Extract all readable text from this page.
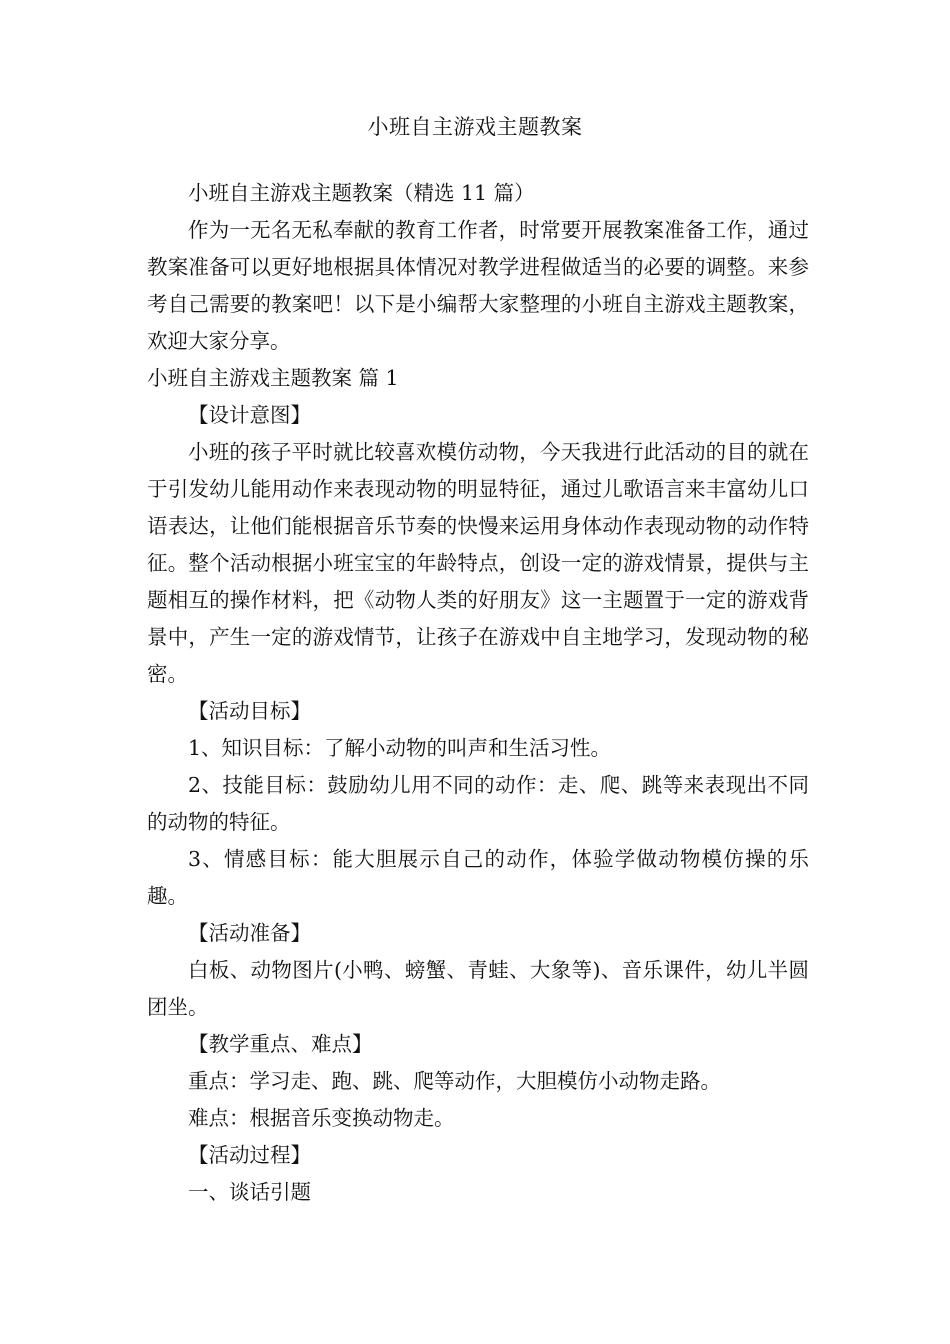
小班自主游戏主题教案

小班自主游戏主题教案（精选 11 篇）

作为一无名无私奉献的教育工作者，时常要开展教案准备工作，通过教案准备可以更好地根据具体情况对教学进程做适当的必要的调整。来参考自己需要的教案吧！以下是小编帮大家整理的小班自主游戏主题教案，欢迎大家分享。

小班自主游戏主题教案 篇 1

【设计意图】

小班的孩子平时就比较喜欢模仿动物，今天我进行此活动的目的就在于引发幼儿能用动作来表现动物的明显特征，通过儿歌语言来丰富幼儿口语表达，让他们能根据音乐节奏的快慢来运用身体动作表现动物的动作特征。整个活动根据小班宝宝的年龄特点，创设一定的游戏情景，提供与主题相互的操作材料，把《动物人类的好朋友》这一主题置于一定的游戏背景中，产生一定的游戏情节，让孩子在游戏中自主地学习，发现动物的秘密。

【活动目标】

1、知识目标：了解小动物的叫声和生活习性。

2、技能目标：鼓励幼儿用不同的动作：走、爬、跳等来表现出不同的动物的特征。

3、情感目标：能大胆展示自己的动作，体验学做动物模仿操的乐趣。

【活动准备】

白板、动物图片(小鸭、螃蟹、青蛙、大象等)、音乐课件，幼儿半圆团坐。

【教学重点、难点】

重点：学习走、跑、跳、爬等动作，大胆模仿小动物走路。

难点：根据音乐变换动物走。

【活动过程】

一、谈话引题
